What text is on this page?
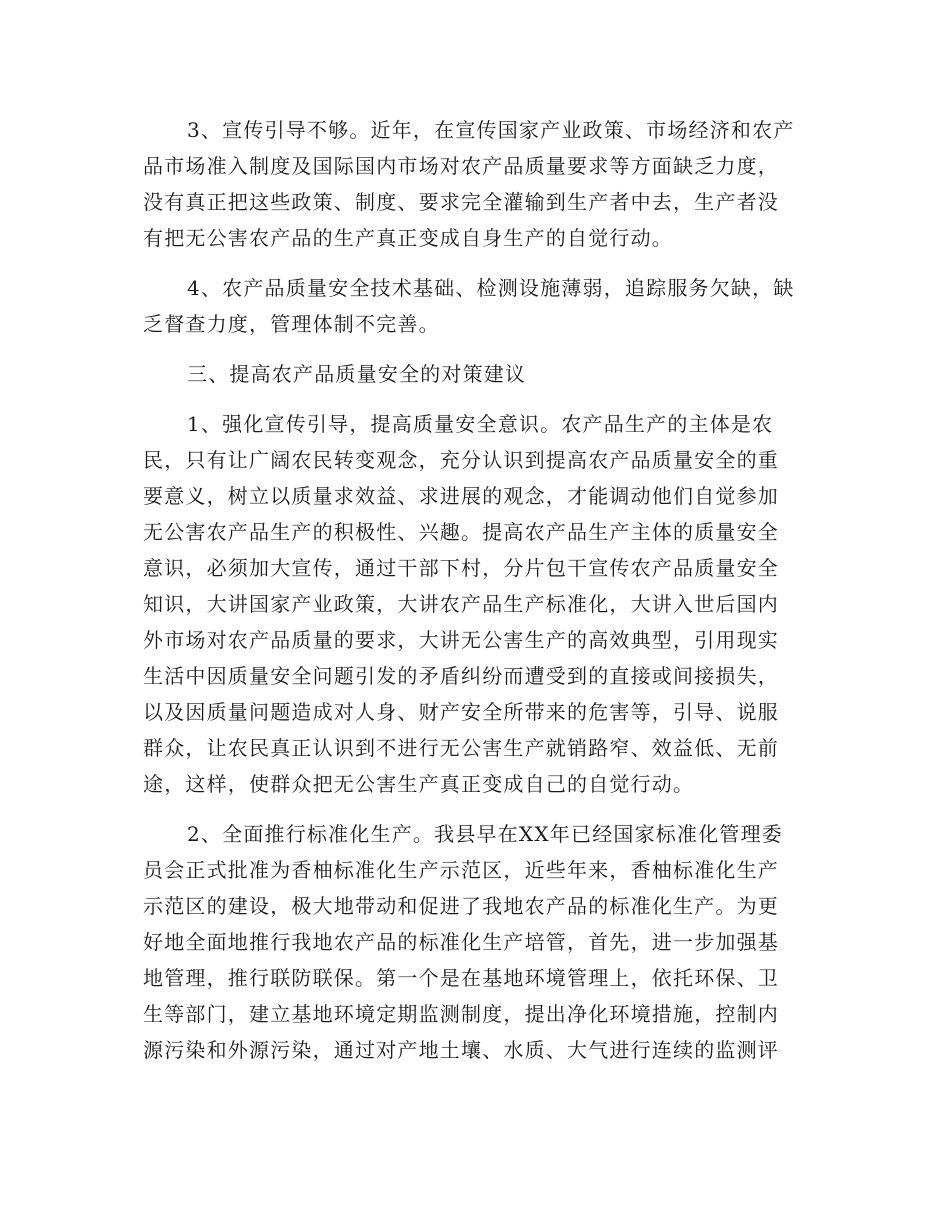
3、宣传引导不够。近年，在宣传国家产业政策、市场经济和农产
品市场准入制度及国际国内市场对农产品质量要求等方面缺乏力度，
没有真正把这些政策、制度、要求完全灌输到生产者中去，生产者没
有把无公害农产品的生产真正变成自身生产的自觉行动。
4、农产品质量安全技术基础、检测设施薄弱，追踪服务欠缺，缺
乏督查力度，管理体制不完善。
三、提高农产品质量安全的对策建议
1、强化宣传引导，提高质量安全意识。农产品生产的主体是农
民，只有让广阔农民转变观念，充分认识到提高农产品质量安全的重
要意义，树立以质量求效益、求进展的观念，才能调动他们自觉参加
无公害农产品生产的积极性、兴趣。提高农产品生产主体的质量安全
意识，必须加大宣传，通过干部下村，分片包干宣传农产品质量安全
知识，大讲国家产业政策，大讲农产品生产标准化，大讲入世后国内
外市场对农产品质量的要求，大讲无公害生产的高效典型，引用现实
生活中因质量安全问题引发的矛盾纠纷而遭受到的直接或间接损失，
以及因质量问题造成对人身、财产安全所带来的危害等，引导、说服
群众，让农民真正认识到不进行无公害生产就销路窄、效益低、无前
途，这样，使群众把无公害生产真正变成自己的自觉行动。
2、全面推行标准化生产。我县早在XX年已经国家标准化管理委
员会正式批准为香柚标准化生产示范区，近些年来，香柚标准化生产
示范区的建设，极大地带动和促进了我地农产品的标准化生产。为更
好地全面地推行我地农产品的标准化生产培管，首先，进一步加强基
地管理，推行联防联保。第一个是在基地环境管理上，依托环保、卫
生等部门，建立基地环境定期监测制度，提出净化环境措施，控制内
源污染和外源污染，通过对产地土壤、水质、大气进行连续的监测评
